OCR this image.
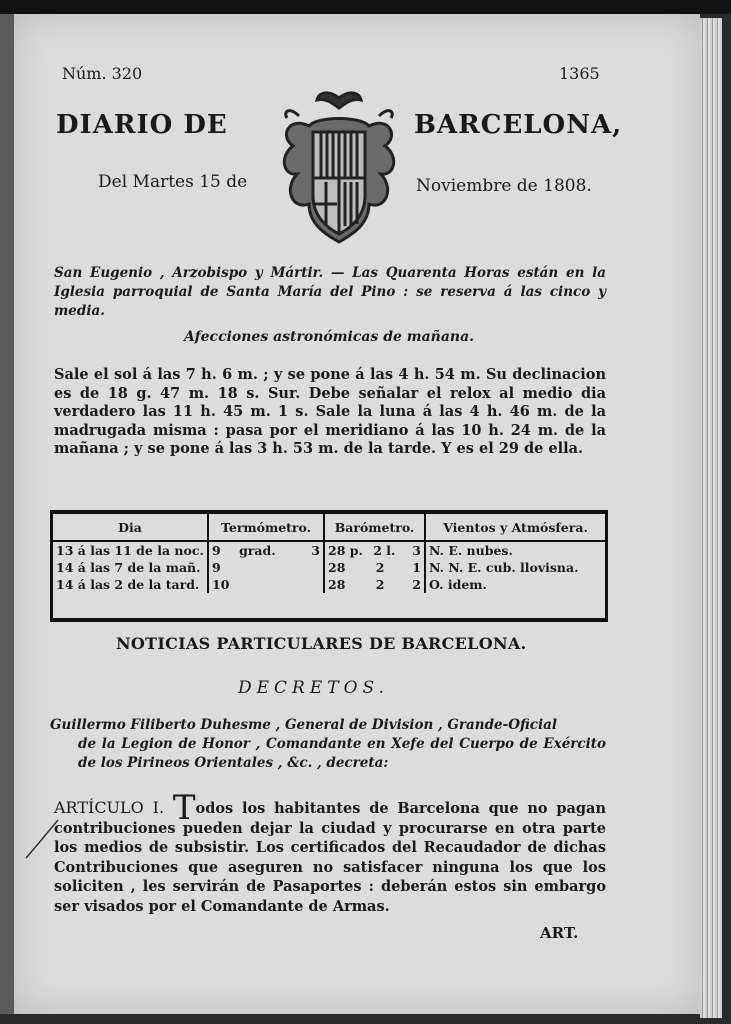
Núm. 320	1365
DIARIO DE	BARCELONA,
Del Martes 15 de	Noviembre de 1808.
San Eugenio , Arzobispo y Mártir. — Las Quarenta Horas están en la Iglesia parroquial de Santa María del Pino : se reserva á las cinco y media.
Afecciones astronómicas de mañana.
Sale el sol á las 7 h. 6 m. ; y se pone á las 4 h. 54 m. Su declinacion es de 18 g. 47 m. 18 s. Sur. Debe señalar el relox al medio dia verdadero las 11 h. 45 m. 1 s. Sale la luna á las 4 h. 46 m. de la madrugada misma : pasa por el meridiano á las 10 h. 24 m. de la mañana ; y se pone á las 3 h. 53 m. de la tarde. Y es el 29 de ella.
Dia	Termómetro.	Barómetro.	Vientos y Atmósfera.
13 á las 11 de la noc.	9 grad. 3	28 p. 2 l. 3	N. E. nubes.
14 á las 7 de la mañ.	9	28 2 1	N. N. E. cub. llovisna.
14 á las 2 de la tard.	10	28 2 2	O. idem.
NOTICIAS PARTICULARES DE BARCELONA.
DECRETOS.
Guillermo Filiberto Duhesme , General de Division , Grande-Oficial
de la Legion de Honor , Comandante en Xefe del Cuerpo de Exército de los Pirineos Orientales , &c. , decreta:
ARTÍCULO I. Todos los habitantes de Barcelona que no pagan contribuciones pueden dejar la ciudad y procurarse en otra parte los medios de subsistir. Los certificados del Recaudador de dichas Contribuciones que aseguren no satisfacer ninguna los que los soliciten , les servirán de Pasaportes : deberán estos sin embargo ser visados por el Comandante de Armas.
ART.
